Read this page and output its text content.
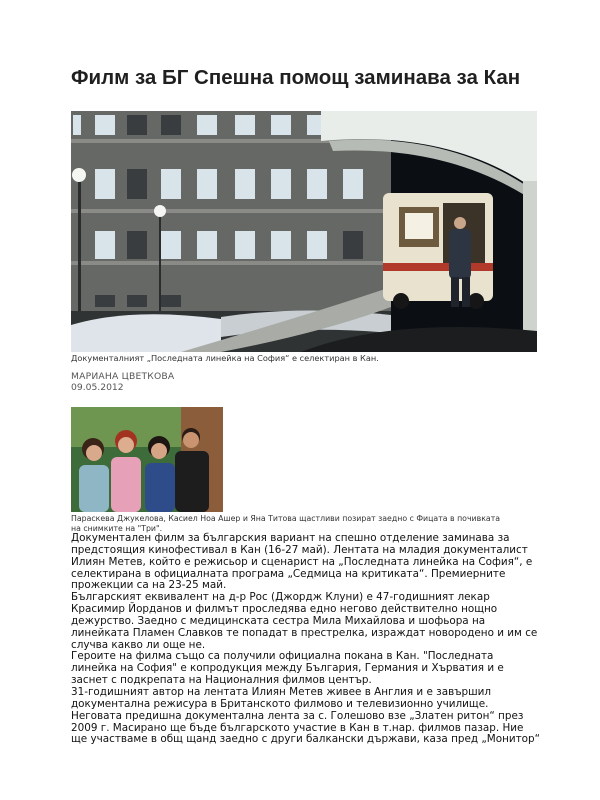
Филм за БГ Спешна помощ заминава за Кан
Документалният „Последната линейка на София“ е селектиран в Кан.
МАРИАНА ЦВЕТКОВА
09.05.2012
Параскева Джукелова, Касиел Ноа Ашер и Яна Титова щастливи позират заедно с Фицата в почивката на снимките на "Три".

Документален филм за българския вариант на спешно отделение заминава за предстоящия кинофестивал в Кан (16-27 май). Лентата на младия документалист Илиян Метев, който е режисьор и сценарист на „Последната линейка на София“, е селектирана в официалната програма „Седмица на критиката“. Премиерните прожекции са на 23-25 май.

Българският еквивалент на д-р Рос (Джордж Клуни) е 47-годишният лекар Красимир Йорданов и филмът проследява едно негово действително нощно дежурство. Заедно с медицинската сестра Мила Михайлова и шофьора на линейката Пламен Славков те попадат в престрелка, израждат новородено и им се случва какво ли още не.

Героите на филма също са получили официална покана в Кан. "Последната линейка на София" е копродукция между България, Германия и Хърватия и е заснет с подкрепата на Националния филмов център.

31-годишният автор на лентата Илиян Метев живее в Англия и е завършил документална режисура в Британското филмово и телевизионно училище. Неговата предишна документална лента за с. Голешово взе „Златен ритон“ през 2009 г. Масирано ще бъде българското участие в Кан в т.нар. филмов пазар. Ние ще участваме в общ щанд заедно с други балкански държави, каза пред „Монитор“
